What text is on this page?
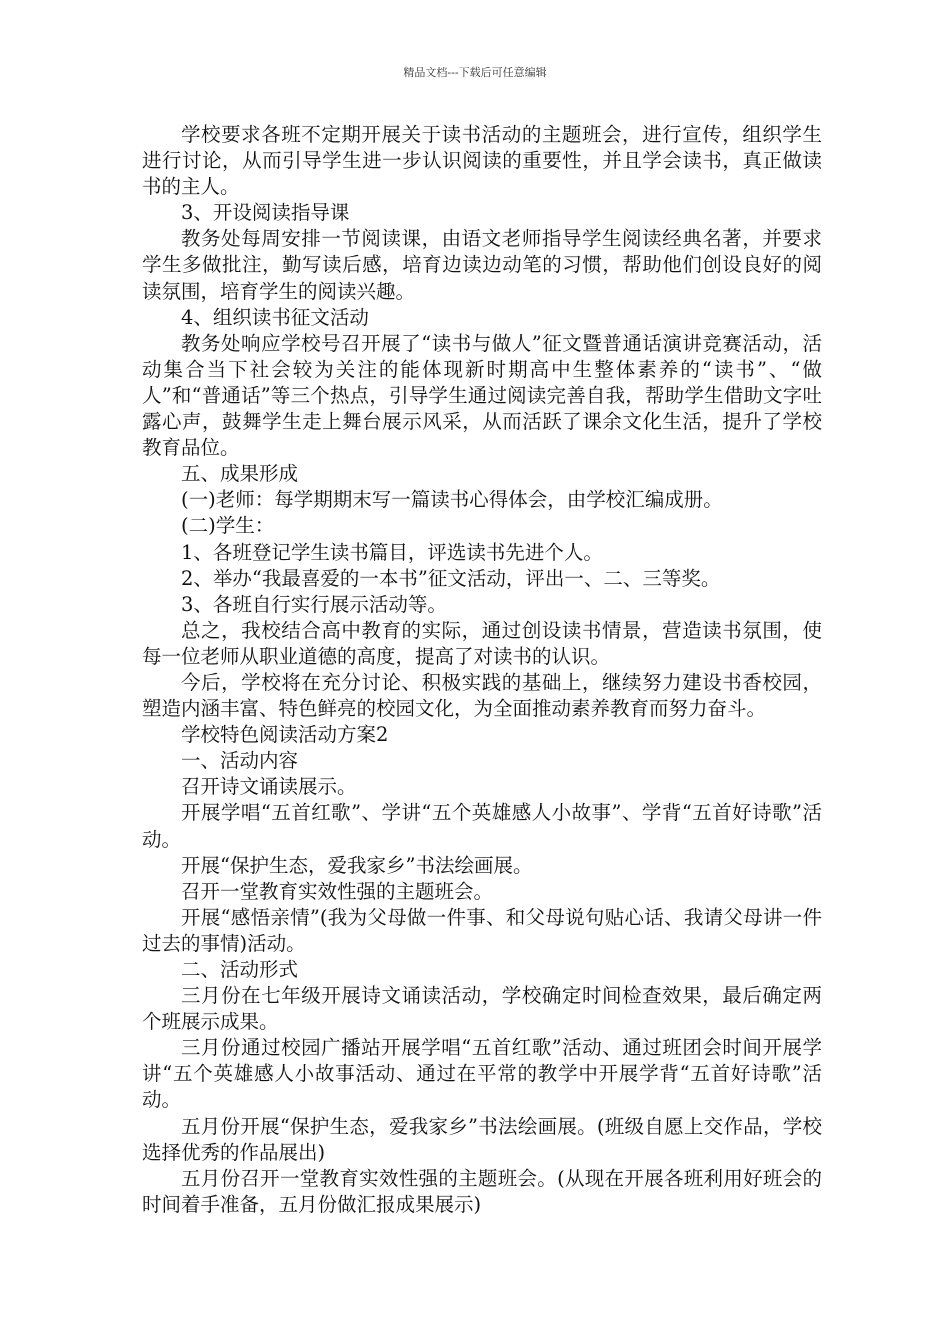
精品文档---下载后可任意编辑

学校要求各班不定期开展关于读书活动的主题班会，进行宣传，组织学生进行讨论，从而引导学生进一步认识阅读的重要性，并且学会读书，真正做读书的主人。

3、开设阅读指导课

教务处每周安排一节阅读课，由语文老师指导学生阅读经典名著，并要求学生多做批注，勤写读后感，培育边读边动笔的习惯，帮助他们创设良好的阅读氛围，培育学生的阅读兴趣。

4、组织读书征文活动

教务处响应学校号召开展了“读书与做人”征文暨普通话演讲竞赛活动，活动集合当下社会较为关注的能体现新时期高中生整体素养的“读书”、“做人”和“普通话”等三个热点，引导学生通过阅读完善自我，帮助学生借助文字吐露心声，鼓舞学生走上舞台展示风采，从而活跃了课余文化生活，提升了学校教育品位。

五、成果形成

(一)老师：每学期期末写一篇读书心得体会，由学校汇编成册。

(二)学生：

1、各班登记学生读书篇目，评选读书先进个人。

2、举办“我最喜爱的一本书”征文活动，评出一、二、三等奖。

3、各班自行实行展示活动等。

总之，我校结合高中教育的实际，通过创设读书情景，营造读书氛围，使每一位老师从职业道德的高度，提高了对读书的认识。

今后，学校将在充分讨论、积极实践的基础上，继续努力建设书香校园，塑造内涵丰富、特色鲜亮的校园文化，为全面推动素养教育而努力奋斗。

学校特色阅读活动方案2

一、活动内容

召开诗文诵读展示。

开展学唱“五首红歌”、学讲“五个英雄感人小故事”、学背“五首好诗歌”活动。

开展“保护生态，爱我家乡”书法绘画展。

召开一堂教育实效性强的主题班会。

开展“感悟亲情”(我为父母做一件事、和父母说句贴心话、我请父母讲一件过去的事情)活动。

二、活动形式

三月份在七年级开展诗文诵读活动，学校确定时间检查效果，最后确定两个班展示成果。

三月份通过校园广播站开展学唱“五首红歌”活动、通过班团会时间开展学讲“五个英雄感人小故事活动、通过在平常的教学中开展学背“五首好诗歌”活动。

五月份开展“保护生态，爱我家乡”书法绘画展。(班级自愿上交作品，学校选择优秀的作品展出)

五月份召开一堂教育实效性强的主题班会。(从现在开展各班利用好班会的时间着手准备，五月份做汇报成果展示)
